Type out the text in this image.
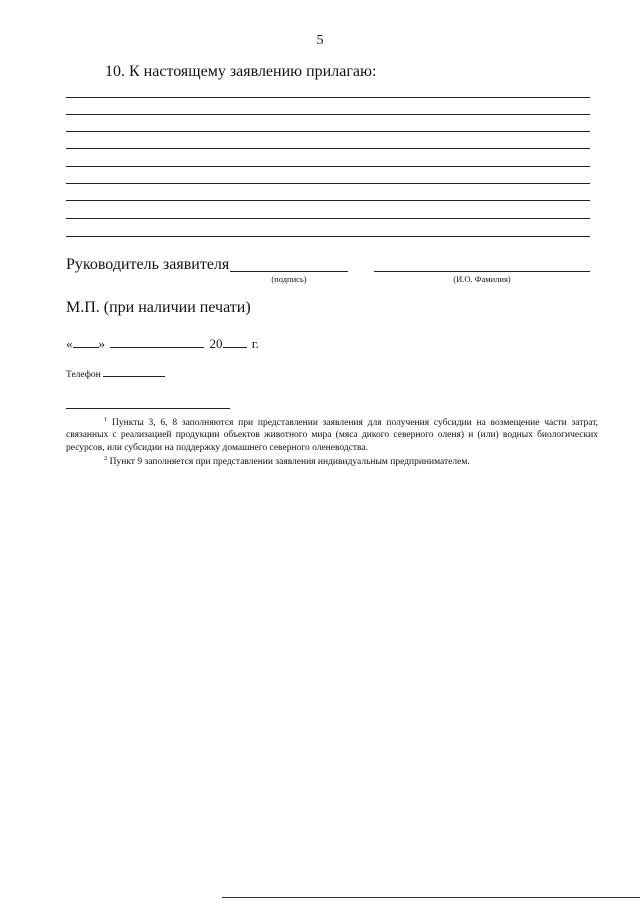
5
10. К настоящему заявлению прилагаю:
Руководитель заявителя
(подпись)	(И.О. Фамилия)
М.П. (при наличии печати)
« »	20 г.
Телефон
$^1$ Пункты 3, 6, 8 заполняются при представлении заявления для получения субсидии на возмещение части затрат, связанных с реализацией продукции объектов животного мира (мяса дикого северного оленя) и (или) водных биологических ресурсов, или субсидии на поддержку домашнего северного оленеводства.
$^2$ Пункт 9 заполняется при представлении заявления индивидуальным предпринимателем.
